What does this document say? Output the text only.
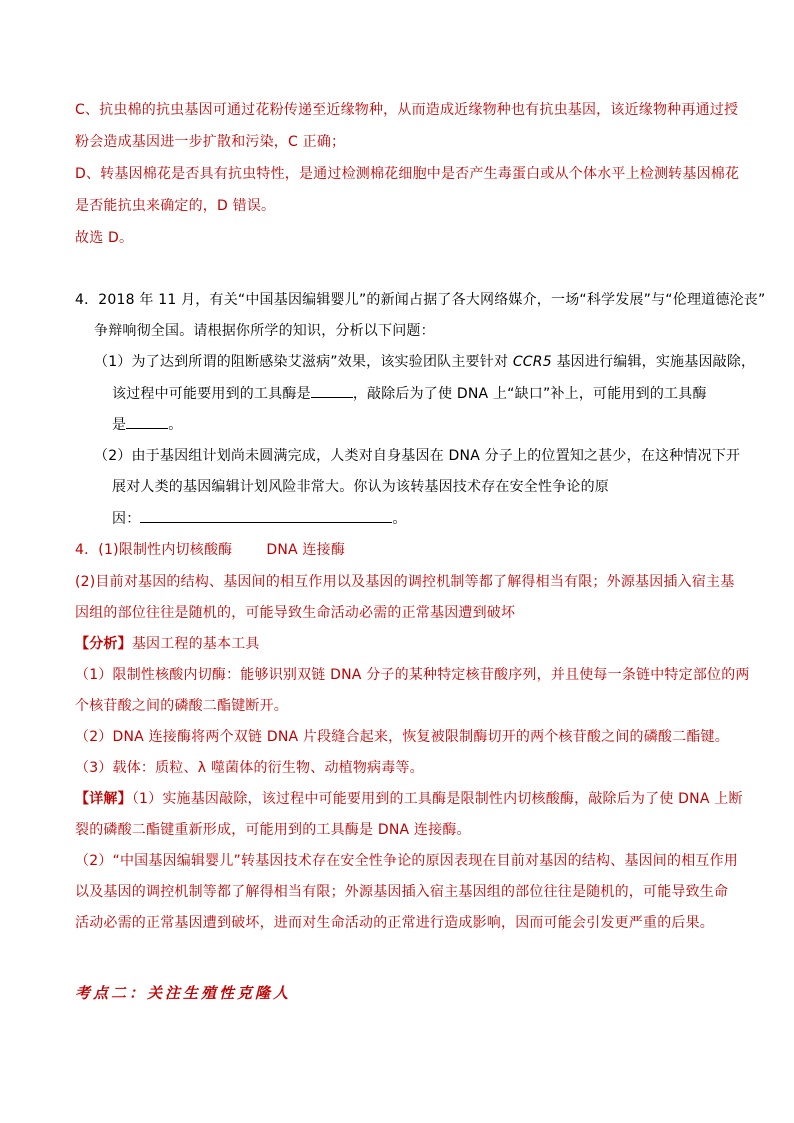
C、抗虫棉的抗虫基因可通过花粉传递至近缘物种，从而造成近缘物种也有抗虫基因，该近缘物种再通过授
粉会造成基因进一步扩散和污染，C 正确；
D、转基因棉花是否具有抗虫特性，是通过检测棉花细胞中是否产生毒蛋白或从个体水平上检测转基因棉花
是否能抗虫来确定的，D 错误。
故选 D。
4．2018 年 11 月，有关“中国基因编辑婴儿”的新闻占据了各大网络媒介，一场“科学发展”与“伦理道德沦丧”
争辩响彻全国。请根据你所学的知识，分析以下问题：
（1）为了达到所谓的阻断感染艾滋病”效果，该实验团队主要针对 CCR5 基因进行编辑，实施基因敲除，
该过程中可能要用到的工具酶是	，敲除后为了使 DNA 上“缺口”补上，可能用到的工具酶
是	。
（2）由于基因组计划尚未圆满完成，人类对自身基因在 DNA 分子上的位置知之甚少，在这种情况下开
展对人类的基因编辑计划风险非常大。你认为该转基因技术存在安全性争论的原
因：	。
4．(1)限制性内切核酸酶 DNA 连接酶
(2)目前对基因的结构、基因间的相互作用以及基因的调控机制等都了解得相当有限；外源基因插入宿主基
因组的部位往往是随机的，可能导致生命活动必需的正常基因遭到破坏
【分析】基因工程的基本工具
（1）限制性核酸内切酶：能够识别双链 DNA 分子的某种特定核苷酸序列，并且使每一条链中特定部位的两
个核苷酸之间的磷酸二酯键断开。
（2）DNA 连接酶将两个双链 DNA 片段缝合起来，恢复被限制酶切开的两个核苷酸之间的磷酸二酯键。
（3）载体：质粒、λ 噬菌体的衍生物、动植物病毒等。
【详解】（1）实施基因敲除，该过程中可能要用到的工具酶是限制性内切核酸酶，敲除后为了使 DNA 上断
裂的磷酸二酯键重新形成，可能用到的工具酶是 DNA 连接酶。
（2）“中国基因编辑婴儿”转基因技术存在安全性争论的原因表现在目前对基因的结构、基因间的相互作用
以及基因的调控机制等都了解得相当有限；外源基因插入宿主基因组的部位往往是随机的，可能导致生命
活动必需的正常基因遭到破坏，进而对生命活动的正常进行造成影响，因而可能会引发更严重的后果。
考点二：关注生殖性克隆人
